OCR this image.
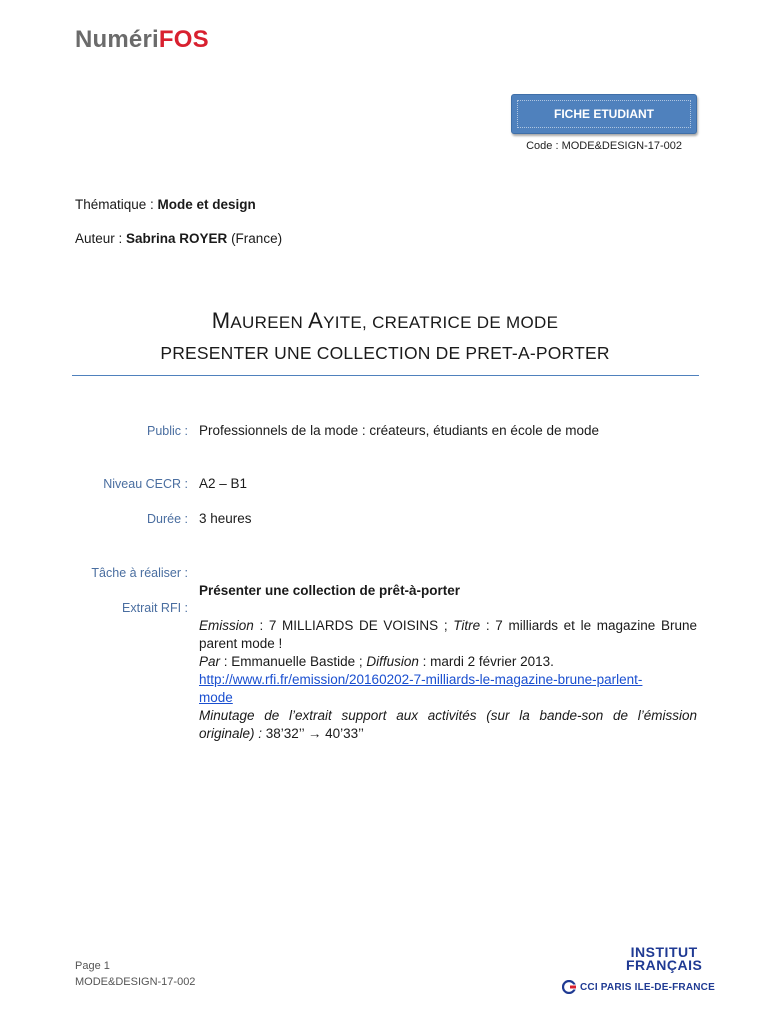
NumériFOS
FICHE ETUDIANT
Code : MODE&DESIGN-17-002
Thématique : Mode et design
Auteur : Sabrina ROYER (France)
MAUREEN AYITE, CREATRICE DE MODE
PRESENTER UNE COLLECTION DE PRET-A-PORTER
Public : Professionnels de la mode : créateurs, étudiants en école de mode
Niveau CECR : A2 – B1
Durée : 3 heures
Tâche à réaliser :
Présenter une collection de prêt-à-porter
Extrait RFI :
Emission : 7 MILLIARDS DE VOISINS ; Titre : 7 milliards et le magazine Brune
parent mode !
Par : Emmanuelle Bastide ; Diffusion : mardi 2 février 2013.
http://www.rfi.fr/emission/20160202-7-milliards-le-magazine-brune-parlent-
mode
Minutage de l’extrait support aux activités (sur la bande-son de l’émission
originale) : 38’32’’ → 40’33’’
Page 1
MODE&DESIGN-17-002
INSTITUT
FRANÇAIS
CCI PARIS ILE-DE-FRANCE
